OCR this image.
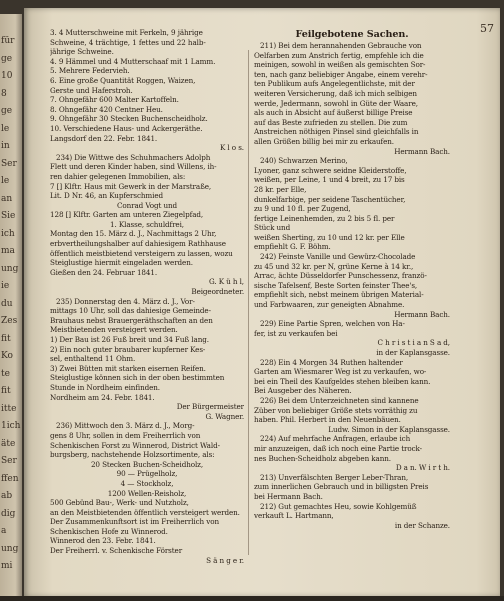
für
ge
10
8
ge
le
in
Ser
le
an
Sie
ich
ma
ung
ie
du
Zes
fit
Ko
te
fit
itte
1ich
äte
Ser
ffen
ab
dig
a
ung
mi
57
3. 4 Mutterschweine mit Ferkeln, 9 jährige
Schweine, 4 trächtige, 1 fettes und 22 halb-
jährige Schweine.
4. 9 Hämmel und 4 Mutterschaaf mit 1 Lamm.
5. Mehrere Federvieh.
6. Eine große Quantität Roggen, Waizen,
Gerste und Haferstroh.
7. Ohngefähr 600 Malter Kartoffeln.
8. Ohngefähr 420 Centner Heu.
9. Ohngefähr 30 Stecken Buchenscheidholz.
10. Verschiedene Haus- und Ackergeräthe.
Langsdorf den 22. Febr. 1841.
K l o s.
234) Die Wittwe des Schuhmachers Adolph
Flett und deren Kinder haben, sind Willens, ih-
ren dahier gelegenen Immobilien, als:
7 [] Klftr. Haus mit Gewerk in der Marstraße,
Lit. D Nr. 46, an Kupferschmied
Conrad Vogt und
128 [] Klftr. Garten am unteren Ziegelpfad,
1. Klasse, schuldfrei,
Montag den 15. März d. J., Nachmittags 2 Uhr,
erbvertheilungshalber auf dahiesigem Rathhause
öffentlich meistbietend versteigern zu lassen, wozu
Steiglustige hiermit eingeladen werden.
Gießen den 24. Februar 1841.
G. K ü h l,
Beigeordneter.
235) Donnerstag den 4. März d. J., Vor-
mittags 10 Uhr, soll das dahiesige Gemeinde-
Brauhaus nebst Brauergeräthschaften an den
Meistbietenden versteigert werden.
1) Der Bau ist 26 Fuß breit und 34 Fuß lang.
2) Ein noch guter braubarer kupferner Kes-
sel, enthaltend 11 Ohm.
3) Zwei Bütten mit starken eisernen Reifen.
Steiglustige können sich in der oben bestimmten
Stunde in Nordheim einfinden.
Nordheim am 24. Febr. 1841.
Der Bürgermeister
G. Wagner.
236) Mittwoch den 3. März d. J., Morg-
gens 8 Uhr, sollen in dem Freiherrlich von
Schenkischen Forst zu Winnerod, District Wald-
burgsberg, nachstehende Holzsortimente, als:
20 Stecken Buchen-Scheidholz,
90 — Prügelholz,
4 — Stockholz,
1200 Wellen-Reisholz,
500 Gebünd Bau-, Werk- und Nutzholz,
an den Meistbietenden öffentlich versteigert werden.
Der Zusammenkunftsort ist im Freiherrlich von
Schenkischen Hofe zu Winnerod.
Winnerod den 23. Febr. 1841.
Der Freiherrl. v. Schenkische Förster
S ä n g e r.
Feilgebotene Sachen.
211) Bei dem herannahenden Gebrauche von
Oelfarben zum Anstrich fertig, empfehle ich die
meinigen, sowohl in weißen als gemischten Sor-
ten, nach ganz beliebiger Angabe, einem verehr-
ten Publikum aufs Angelegentlichste, mit der
weiteren Versicherung, daß ich mich selbigen
werde, Jedermann, sowohl in Güte der Waare,
als auch in Absicht auf äußerst billige Preise
auf das Beste zufrieden zu stellen. Die zum
Anstreichen nöthigen Pinsel sind gleichfalls in
allen Größen billig bei mir zu erkaufen.
Hermann Bach.
240) Schwarzen Merino,
Lyoner, ganz schwere seidne Kleiderstoffe,
weißen, per Leine, 1 und 4 breit, zu 17 bis
28 kr. per Elle,
dunkelfarbige, per seidene Taschentücher,
zu 9 und 10 fl. per Zugend,
fertige Leinenhemden, zu 2 bis 5 fl. per
Stück und
weißen Sherting, zu 10 und 12 kr. per Elle
empfiehlt G. F. Böhm.
242) Feinste Vanille und Gewürz-Chocolade
zu 45 und 32 kr. per N, grüne Kerne à 14 kr.,
Arrac, ächte Düsseldorfer Punschessenz, franzö-
sische Tafelsenf, Beste Sorten feinster Thee's,
empfiehlt sich, nebst meinem übrigen Material-
und Farbwaaren, zur geneigten Abnahme.
Hermann Bach.
229) Eine Partie Spren, welchen von Ha-
fer, ist zu verkaufen bei
C h r i s t i a n S a d,
in der Kaplansgasse.
228) Ein 4 Morgen 34 Ruthen haltender
Garten am Wiesmarer Weg ist zu verkaufen, wo-
bei ein Theil des Kaufgeldes stehen bleiben kann.
Bei Ausgeber des Näheren.
226) Bei dem Unterzeichneten sind kannene
Züber von beliebiger Größe stets vorräthig zu
haben. Phil. Herbert in den Neuenbäuen.
Ludw. Simon in der Kaplansgasse.
224) Auf mehrfache Anfragen, erlaube ich
mir anzuzeigen, daß ich noch eine Partie trock-
nes Buchen-Scheidholz abgeben kann.
D a n. W i r t h.
213) Unverfälschten Berger Leber-Thran,
zum innerlichen Gebrauch und in billigsten Preis
bei Hermann Bach.
212) Gut gemachtes Heu, sowie Kohlgemüß
verkauft L. Hartmann,
in der Schanze.
